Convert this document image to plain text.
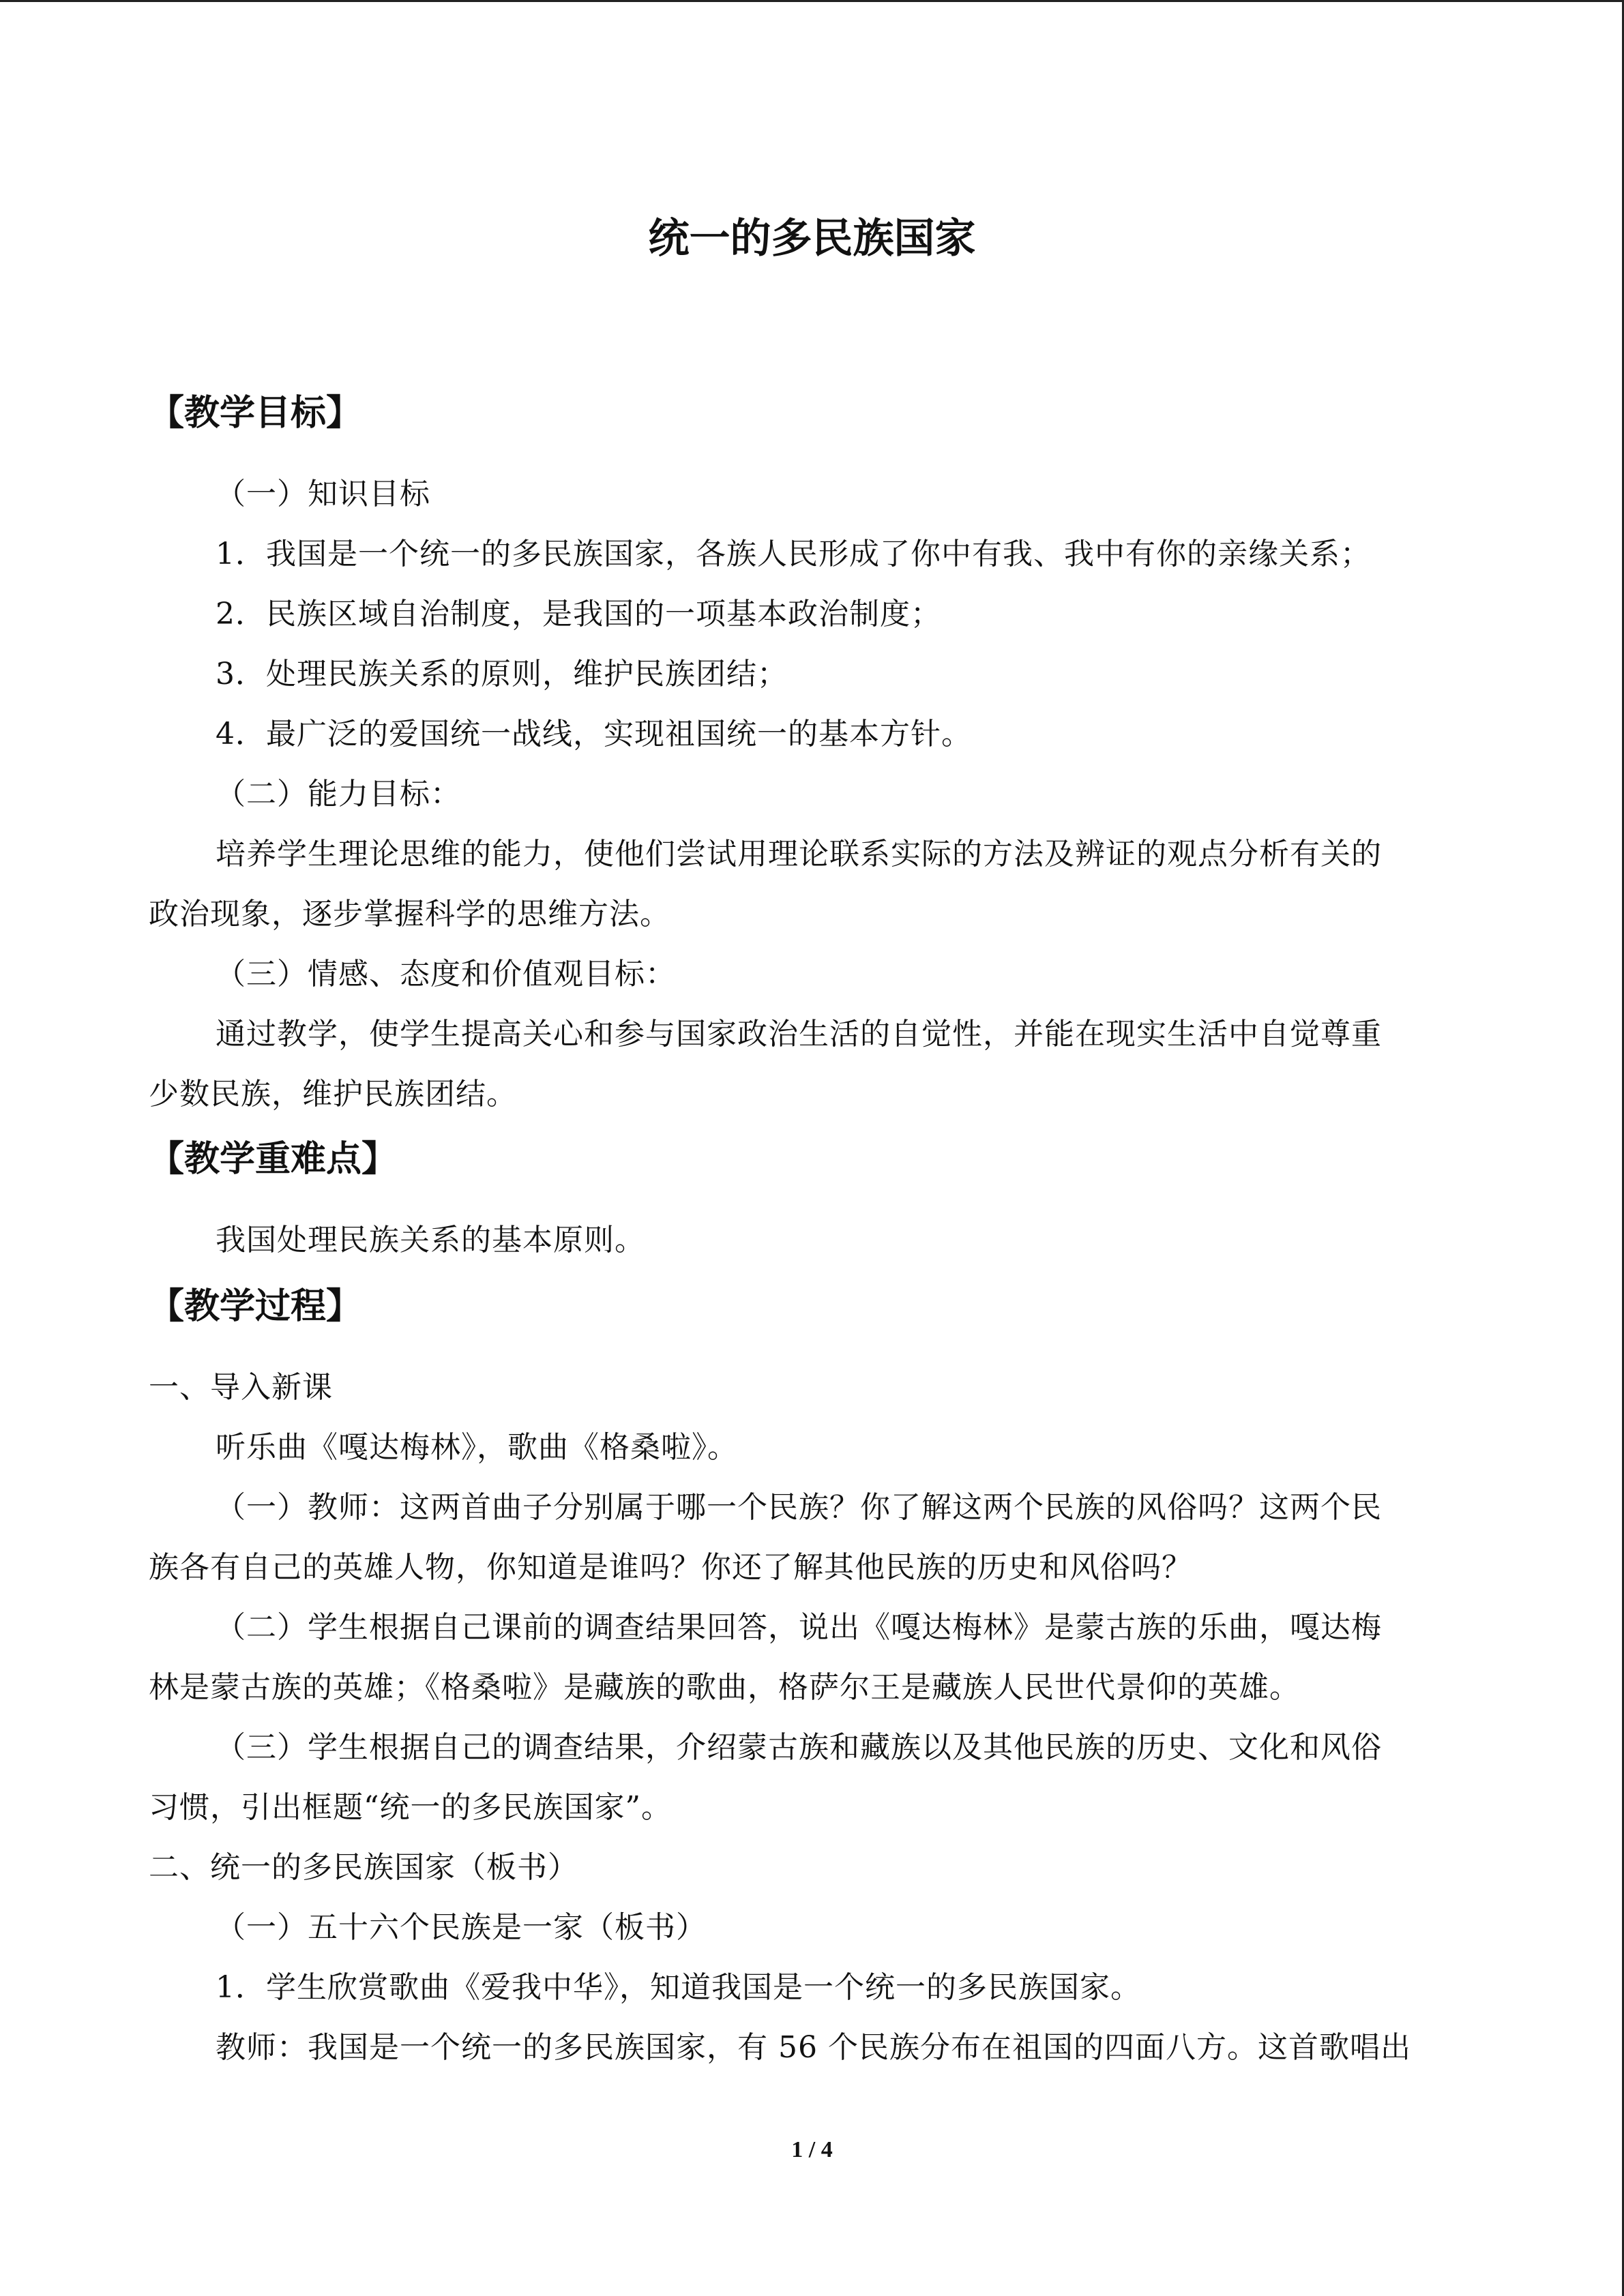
统一的多民族国家
【教学目标】
（一）知识目标
1．我国是一个统一的多民族国家，各族人民形成了你中有我、我中有你的亲缘关系；
2．民族区域自治制度，是我国的一项基本政治制度；
3．处理民族关系的原则，维护民族团结；
4．最广泛的爱国统一战线，实现祖国统一的基本方针。
（二）能力目标：
培养学生理论思维的能力，使他们尝试用理论联系实际的方法及辨证的观点分析有关的
政治现象，逐步掌握科学的思维方法。
（三）情感、态度和价值观目标：
通过教学，使学生提高关心和参与国家政治生活的自觉性，并能在现实生活中自觉尊重
少数民族，维护民族团结。
【教学重难点】
我国处理民族关系的基本原则。
【教学过程】
一、导入新课
听乐曲《嘎达梅林》，歌曲《格桑啦》。
（一）教师：这两首曲子分别属于哪一个民族？你了解这两个民族的风俗吗？这两个民
族各有自己的英雄人物，你知道是谁吗？你还了解其他民族的历史和风俗吗？
（二）学生根据自己课前的调查结果回答，说出《嘎达梅林》是蒙古族的乐曲，嘎达梅
林是蒙古族的英雄；《格桑啦》是藏族的歌曲，格萨尔王是藏族人民世代景仰的英雄。
（三）学生根据自己的调查结果，介绍蒙古族和藏族以及其他民族的历史、文化和风俗
习惯，引出框题“统一的多民族国家”。
二、统一的多民族国家（板书）
（一）五十六个民族是一家（板书）
1．学生欣赏歌曲《爱我中华》，知道我国是一个统一的多民族国家。
教师：我国是一个统一的多民族国家，有 56 个民族分布在祖国的四面八方。这首歌唱出
1 / 4
